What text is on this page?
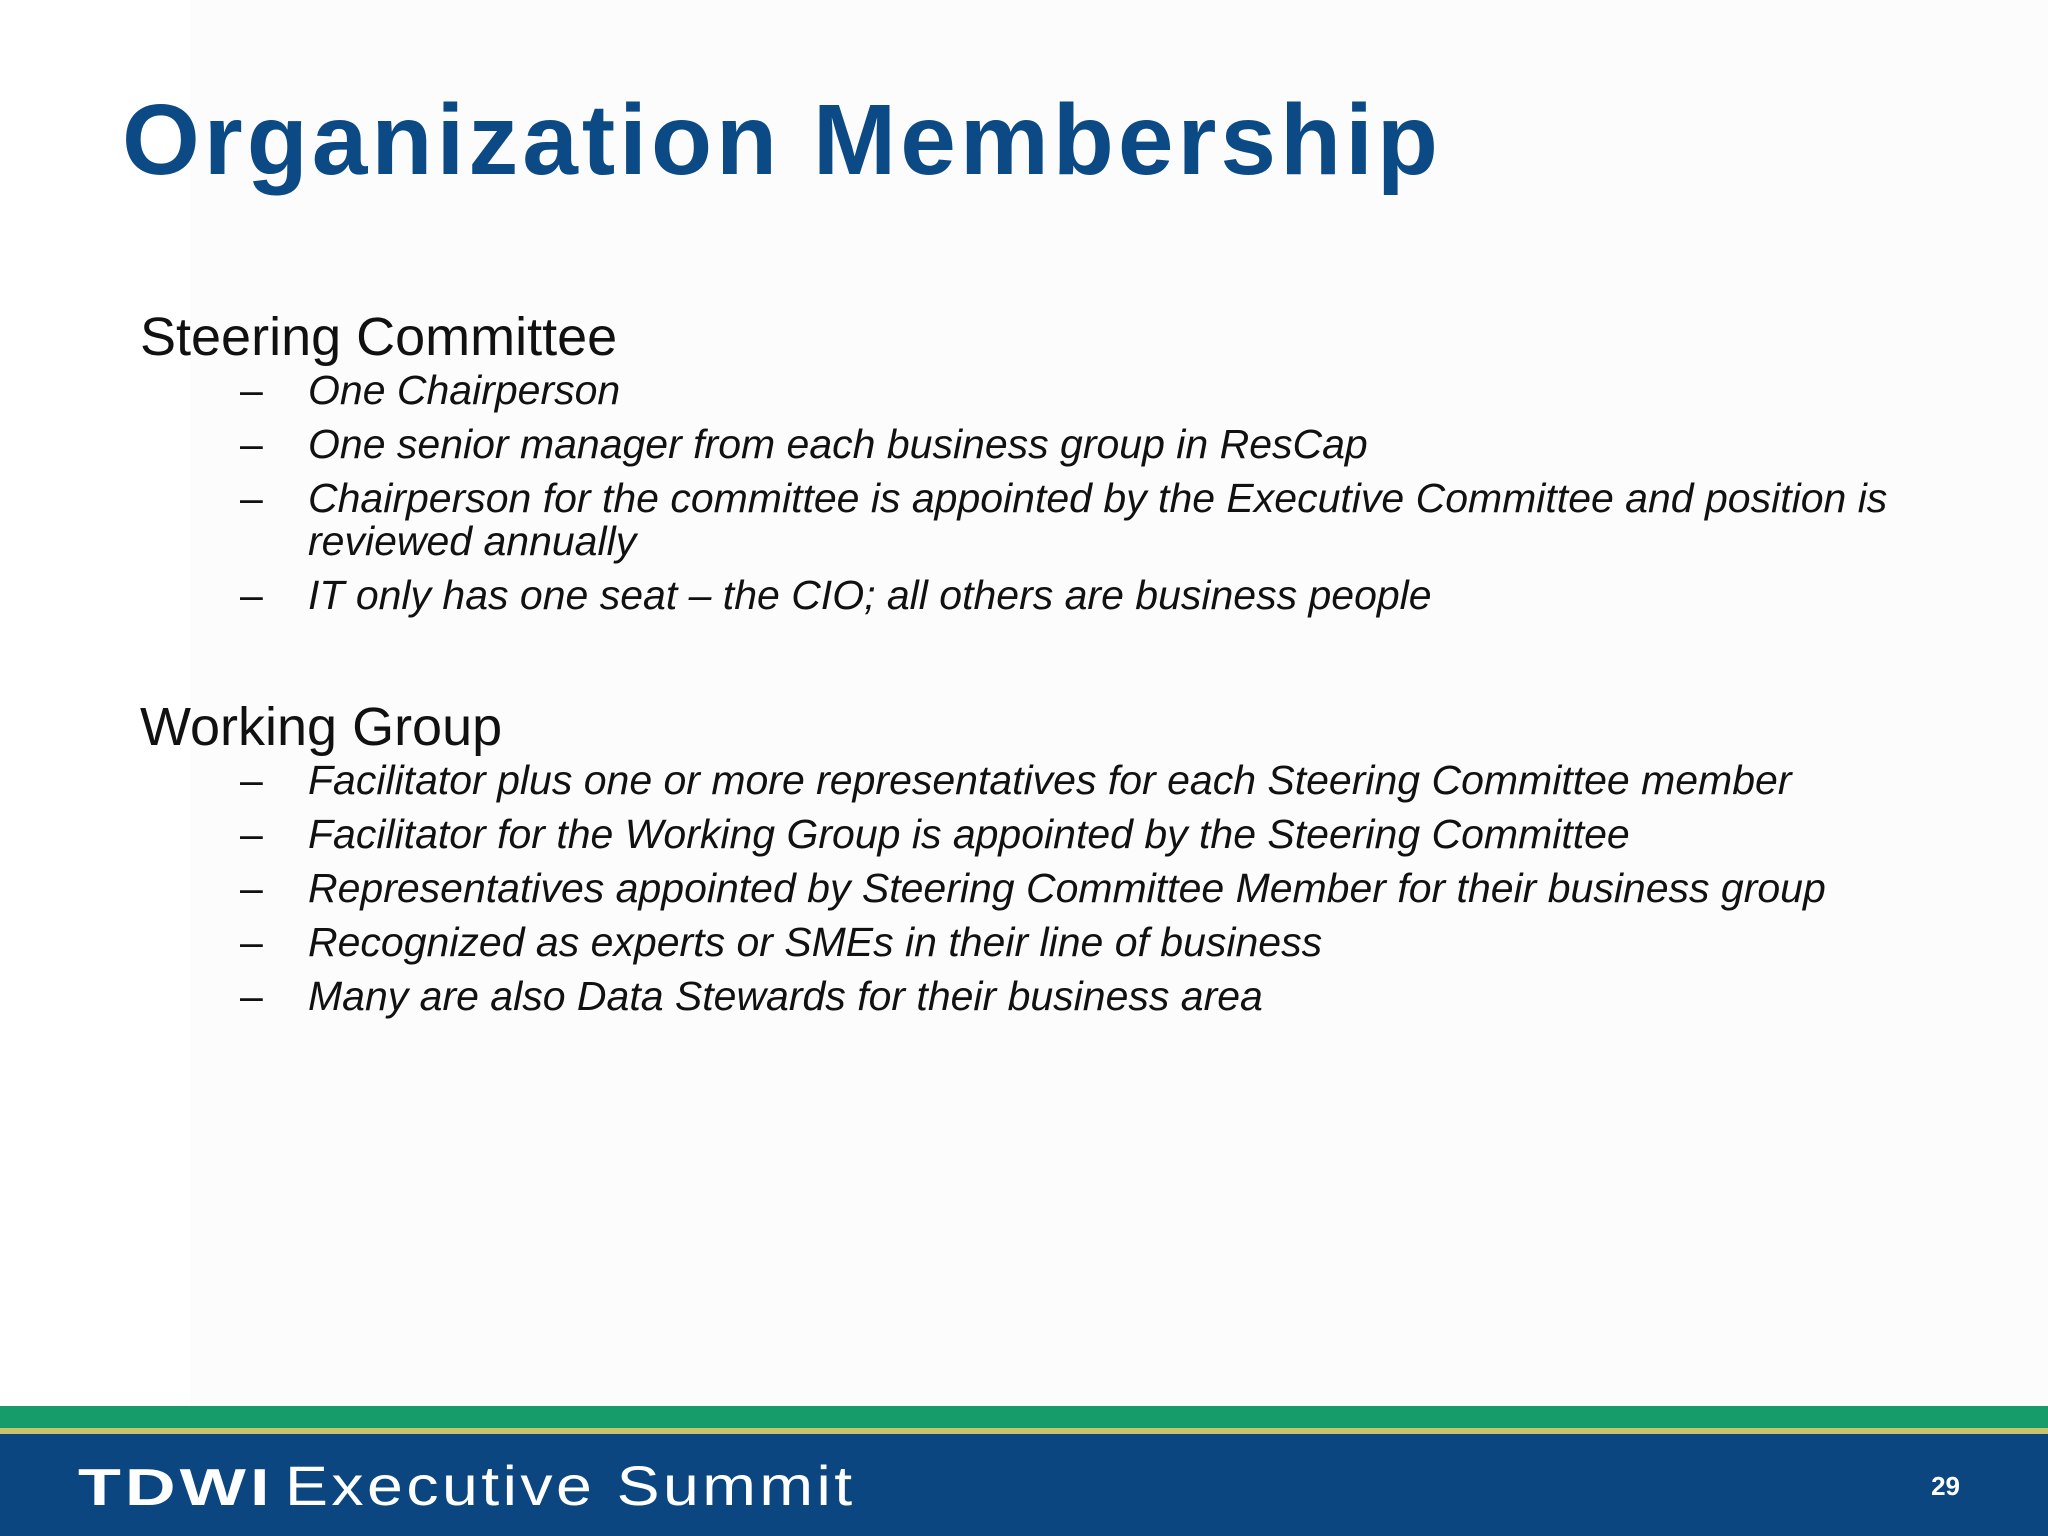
Organization Membership

Steering Committee

– One Chairperson
– One senior manager from each business group in ResCap
– Chairperson for the committee is appointed by the Executive Committee and position is reviewed annually
– IT only has one seat – the CIO; all others are business people

Working Group

– Facilitator plus one or more representatives for each Steering Committee member
– Facilitator for the Working Group is appointed by the Steering Committee
– Representatives appointed by Steering Committee Member for their business group
– Recognized as experts or SMEs in their line of business
– Many are also Data Stewards for their business area
TDWI Executive Summit	29
